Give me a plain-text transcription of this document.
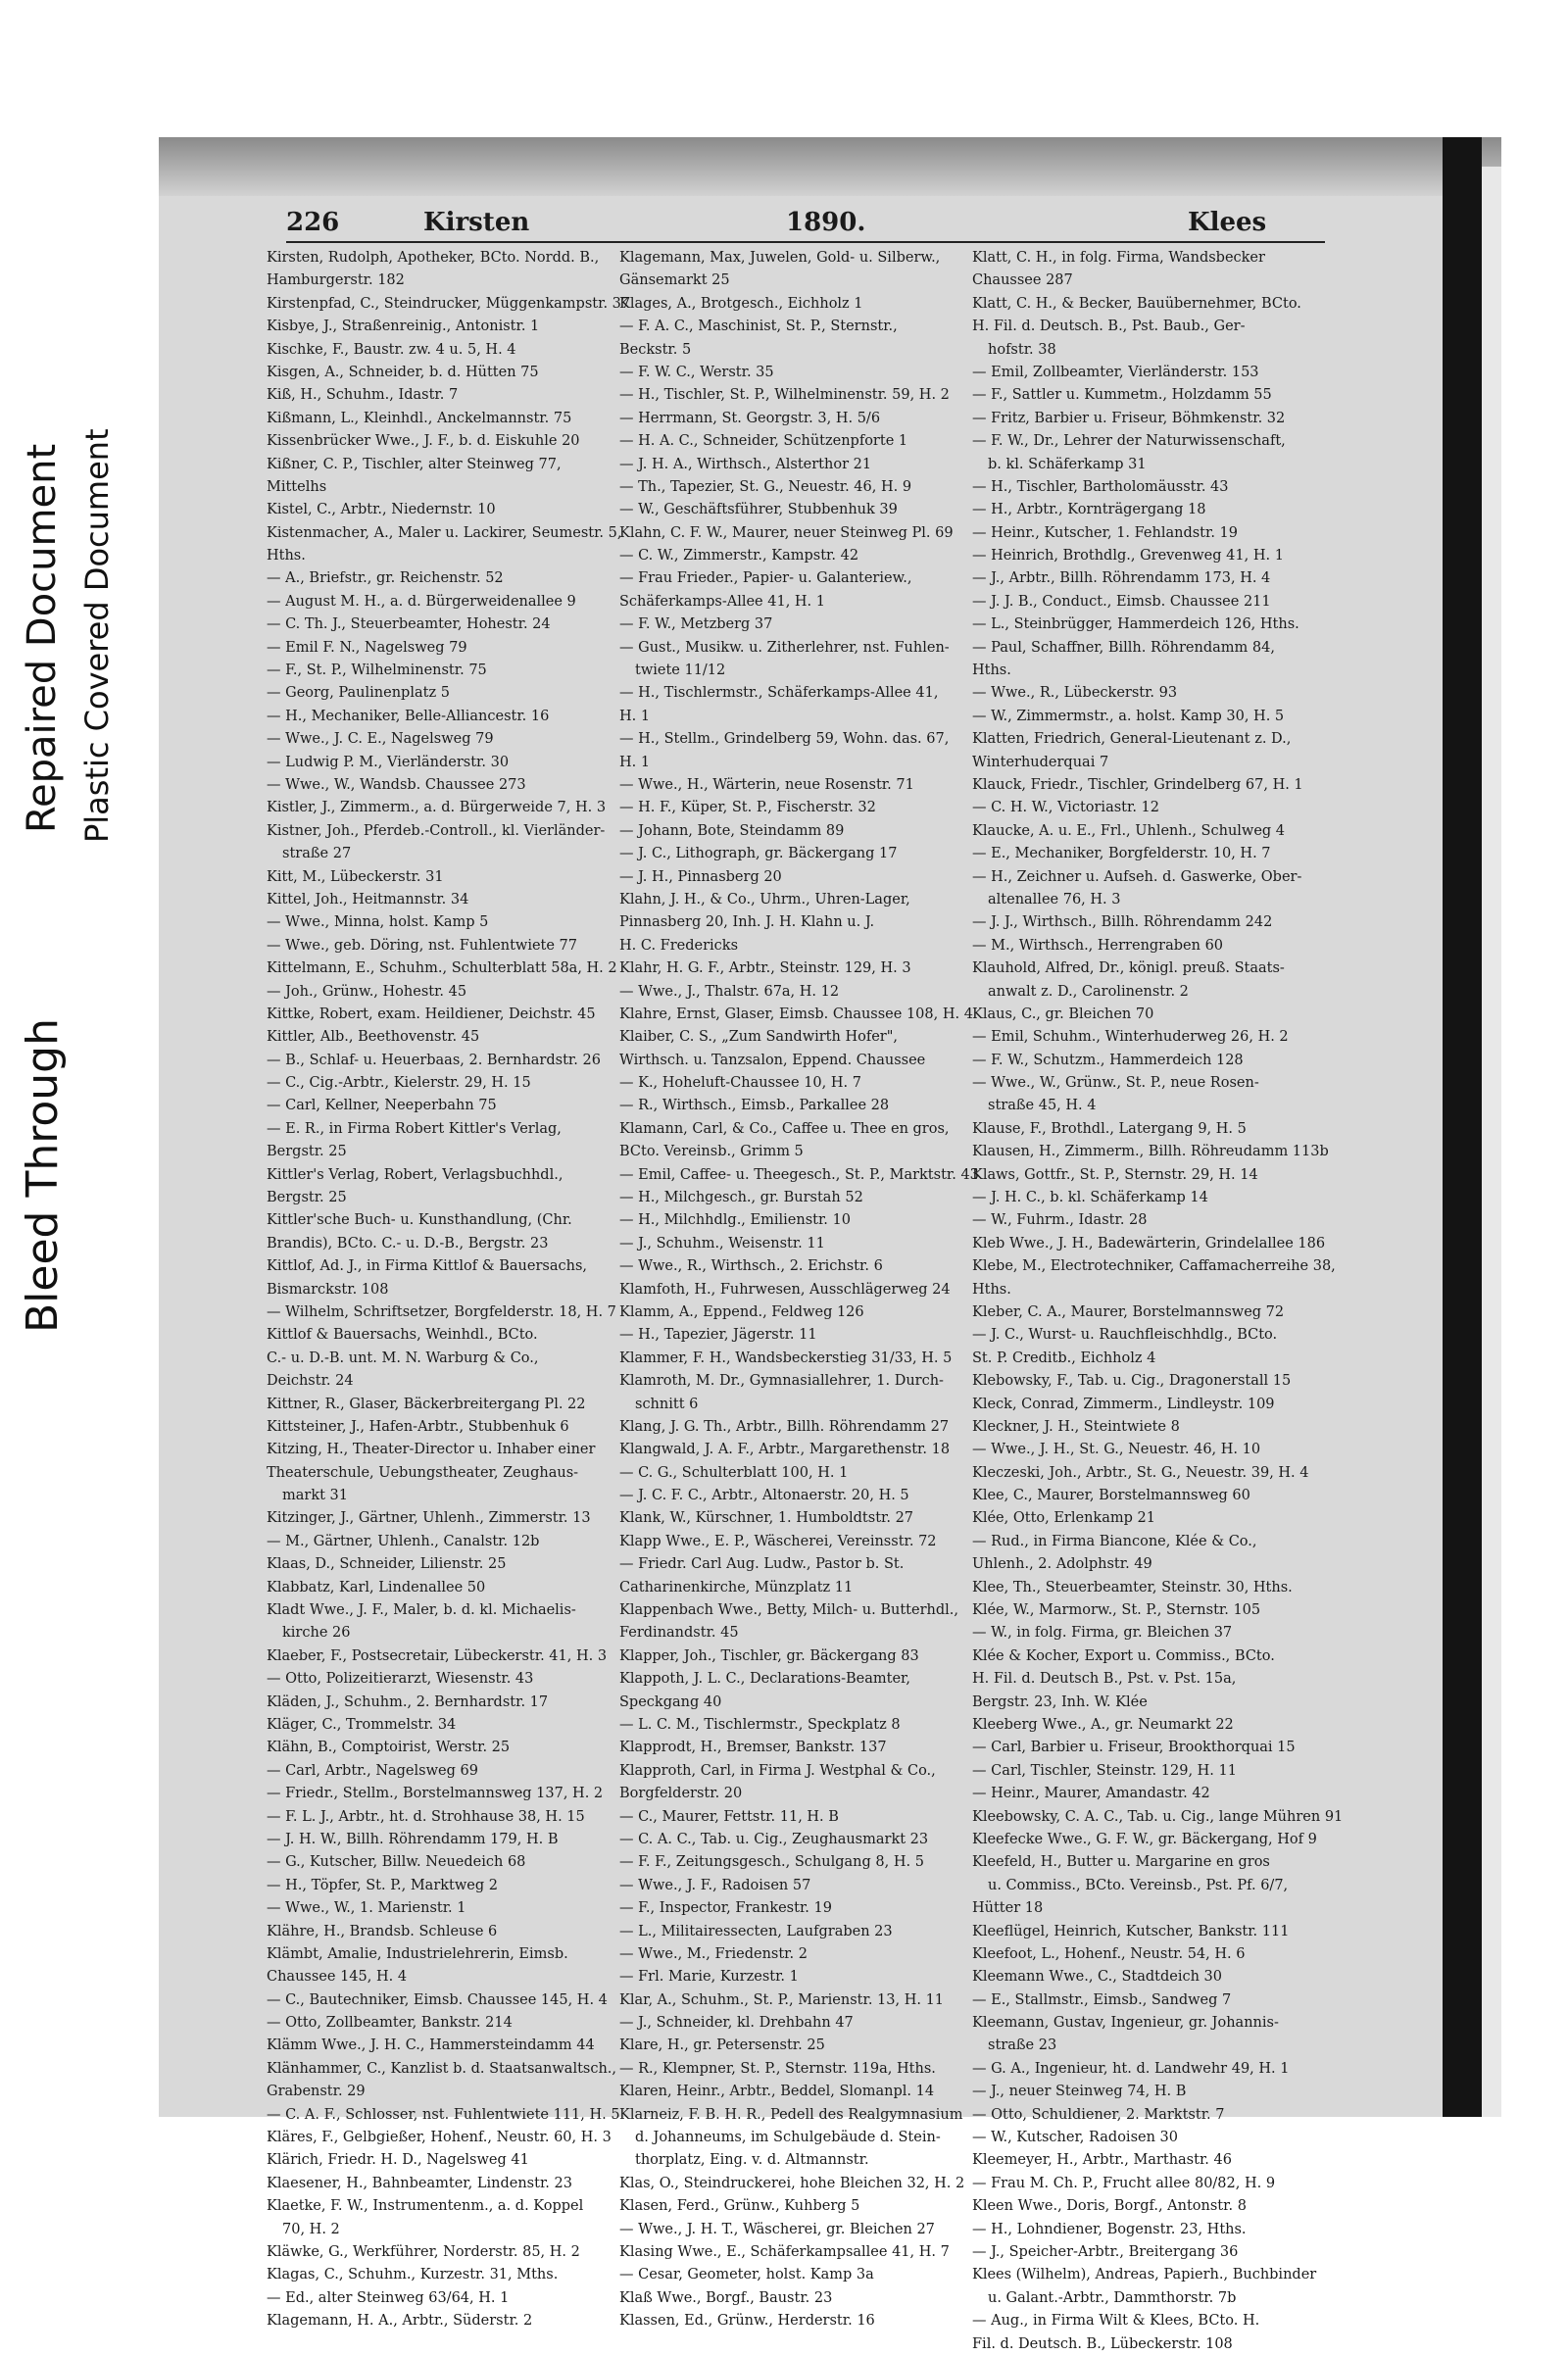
Bleed Through
Repaired Document Plastic Covered Document
226	Kirsten	1890.	Klees
Kirsten, Rudolph, Apotheker, BCto. Nordd. B.,
Hamburgerstr. 182
Kirstenpfad, C., Steindrucker, Müggenkampstr. 37
Kisbye, J., Straßenreinig., Antonistr. 1
Kischke, F., Baustr. zw. 4 u. 5, H. 4
Kisgen, A., Schneider, b. d. Hütten 75
Kiß, H., Schuhm., Idastr. 7
Kißmann, L., Kleinhdl., Anckelmannstr. 75
Kissenbrücker Wwe., J. F., b. d. Eiskuhle 20
Kißner, C. P., Tischler, alter Steinweg 77,
Mittelhs
Kistel, C., Arbtr., Niedernstr. 10
Kistenmacher, A., Maler u. Lackirer, Seumestr. 5,
Hths.
— A., Briefstr., gr. Reichenstr. 52
— August M. H., a. d. Bürgerweidenallee 9
— C. Th. J., Steuerbeamter, Hohestr. 24
— Emil F. N., Nagelsweg 79
— F., St. P., Wilhelminenstr. 75
— Georg, Paulinenplatz 5
— H., Mechaniker, Belle-Alliancestr. 16
— Wwe., J. C. E., Nagelsweg 79
— Ludwig P. M., Vierländerstr. 30
— Wwe., W., Wandsb. Chaussee 273
Kistler, J., Zimmerm., a. d. Bürgerweide 7, H. 3
Kistner, Joh., Pferdeb.-Controll., kl. Vierländer-
straße 27
Kitt, M., Lübeckerstr. 31
Kittel, Joh., Heitmannstr. 34
— Wwe., Minna, holst. Kamp 5
— Wwe., geb. Döring, nst. Fuhlentwiete 77
Kittelmann, E., Schuhm., Schulterblatt 58a, H. 2
— Joh., Grünw., Hohestr. 45
Kittke, Robert, exam. Heildiener, Deichstr. 45
Kittler, Alb., Beethovenstr. 45
— B., Schlaf- u. Heuerbaas, 2. Bernhardstr. 26
— C., Cig.-Arbtr., Kielerstr. 29, H. 15
— Carl, Kellner, Neeperbahn 75
— E. R., in Firma Robert Kittler's Verlag,
Bergstr. 25
Kittler's Verlag, Robert, Verlagsbuchhdl.,
Bergstr. 25
Kittler'sche Buch- u. Kunsthandlung, (Chr.
Brandis), BCto. C.- u. D.-B., Bergstr. 23
Kittlof, Ad. J., in Firma Kittlof & Bauersachs,
Bismarckstr. 108
— Wilhelm, Schriftsetzer, Borgfelderstr. 18, H. 7
Kittlof & Bauersachs, Weinhdl., BCto.
C.- u. D.-B. unt. M. N. Warburg & Co.,
Deichstr. 24
Kittner, R., Glaser, Bäckerbreitergang Pl. 22
Kittsteiner, J., Hafen-Arbtr., Stubbenhuk 6
Kitzing, H., Theater-Director u. Inhaber einer
Theaterschule, Uebungstheater, Zeughaus-
markt 31
Kitzinger, J., Gärtner, Uhlenh., Zimmerstr. 13
— M., Gärtner, Uhlenh., Canalstr. 12b
Klaas, D., Schneider, Lilienstr. 25
Klabbatz, Karl, Lindenallee 50
Kladt Wwe., J. F., Maler, b. d. kl. Michaelis-
kirche 26
Klaeber, F., Postsecretair, Lübeckerstr. 41, H. 3
— Otto, Polizeitierarzt, Wiesenstr. 43
Kläden, J., Schuhm., 2. Bernhardstr. 17
Kläger, C., Trommelstr. 34
Klähn, B., Comptoirist, Werstr. 25
— Carl, Arbtr., Nagelsweg 69
— Friedr., Stellm., Borstelmannsweg 137, H. 2
— F. L. J., Arbtr., ht. d. Strohhause 38, H. 15
— J. H. W., Billh. Röhrendamm 179, H. B
— G., Kutscher, Billw. Neuedeich 68
— H., Töpfer, St. P., Marktweg 2
— Wwe., W., 1. Marienstr. 1
Klähre, H., Brandsb. Schleuse 6
Klämbt, Amalie, Industrielehrerin, Eimsb.
Chaussee 145, H. 4
— C., Bautechniker, Eimsb. Chaussee 145, H. 4
— Otto, Zollbeamter, Bankstr. 214
Klämm Wwe., J. H. C., Hammersteindamm 44
Klänhammer, C., Kanzlist b. d. Staatsanwaltsch.,
Grabenstr. 29
— C. A. F., Schlosser, nst. Fuhlentwiete 111, H. 5
Kläres, F., Gelbgießer, Hohenf., Neustr. 60, H. 3
Klärich, Friedr. H. D., Nagelsweg 41
Klaesener, H., Bahnbeamter, Lindenstr. 23
Klaetke, F. W., Instrumentenm., a. d. Koppel
70, H. 2
Kläwke, G., Werkführer, Norderstr. 85, H. 2
Klagas, C., Schuhm., Kurzestr. 31, Mths.
— Ed., alter Steinweg 63/64, H. 1
Klagemann, H. A., Arbtr., Süderstr. 2
Klagemann, Max, Juwelen, Gold- u. Silberw.,
Gänsemarkt 25
Klages, A., Brotgesch., Eichholz 1
— F. A. C., Maschinist, St. P., Sternstr.,
Beckstr. 5
— F. W. C., Werstr. 35
— H., Tischler, St. P., Wilhelminenstr. 59, H. 2
— Herrmann, St. Georgstr. 3, H. 5/6
— H. A. C., Schneider, Schützenpforte 1
— J. H. A., Wirthsch., Alsterthor 21
— Th., Tapezier, St. G., Neuestr. 46, H. 9
— W., Geschäftsführer, Stubbenhuk 39
Klahn, C. F. W., Maurer, neuer Steinweg Pl. 69
— C. W., Zimmerstr., Kampstr. 42
— Frau Frieder., Papier- u. Galanteriew.,
Schäferkamps-Allee 41, H. 1
— F. W., Metzberg 37
— Gust., Musikw. u. Zitherlehrer, nst. Fuhlen-
twiete 11/12
— H., Tischlermstr., Schäferkamps-Allee 41,
H. 1
— H., Stellm., Grindelberg 59, Wohn. das. 67,
H. 1
— Wwe., H., Wärterin, neue Rosenstr. 71
— H. F., Küper, St. P., Fischerstr. 32
— Johann, Bote, Steindamm 89
— J. C., Lithograph, gr. Bäckergang 17
— J. H., Pinnasberg 20
Klahn, J. H., & Co., Uhrm., Uhren-Lager,
Pinnasberg 20, Inh. J. H. Klahn u. J.
H. C. Fredericks
Klahr, H. G. F., Arbtr., Steinstr. 129, H. 3
— Wwe., J., Thalstr. 67a, H. 12
Klahre, Ernst, Glaser, Eimsb. Chaussee 108, H. 4
Klaiber, C. S., „Zum Sandwirth Hofer",
Wirthsch. u. Tanzsalon, Eppend. Chaussee
— K., Hoheluft-Chaussee 10, H. 7
— R., Wirthsch., Eimsb., Parkallee 28
Klamann, Carl, & Co., Caffee u. Thee en gros,
BCto. Vereinsb., Grimm 5
— Emil, Caffee- u. Theegesch., St. P., Marktstr. 43
— H., Milchgesch., gr. Burstah 52
— H., Milchhdlg., Emilienstr. 10
— J., Schuhm., Weisenstr. 11
— Wwe., R., Wirthsch., 2. Erichstr. 6
Klamfoth, H., Fuhrwesen, Ausschlägerweg 24
Klamm, A., Eppend., Feldweg 126
— H., Tapezier, Jägerstr. 11
Klammer, F. H., Wandsbeckerstieg 31/33, H. 5
Klamroth, M. Dr., Gymnasiallehrer, 1. Durch-
schnitt 6
Klang, J. G. Th., Arbtr., Billh. Röhrendamm 27
Klangwald, J. A. F., Arbtr., Margarethenstr. 18
— C. G., Schulterblatt 100, H. 1
— J. C. F. C., Arbtr., Altonaerstr. 20, H. 5
Klank, W., Kürschner, 1. Humboldtstr. 27
Klapp Wwe., E. P., Wäscherei, Vereinsstr. 72
— Friedr. Carl Aug. Ludw., Pastor b. St.
Catharinenkirche, Münzplatz 11
Klappenbach Wwe., Betty, Milch- u. Butterhdl.,
Ferdinandstr. 45
Klapper, Joh., Tischler, gr. Bäckergang 83
Klappoth, J. L. C., Declarations-Beamter,
Speckgang 40
— L. C. M., Tischlermstr., Speckplatz 8
Klapprodt, H., Bremser, Bankstr. 137
Klapproth, Carl, in Firma J. Westphal & Co.,
Borgfelderstr. 20
— C., Maurer, Fettstr. 11, H. B
— C. A. C., Tab. u. Cig., Zeughausmarkt 23
— F. F., Zeitungsgesch., Schulgang 8, H. 5
— Wwe., J. F., Radoisen 57
— F., Inspector, Frankestr. 19
— L., Militairessecten, Laufgraben 23
— Wwe., M., Friedenstr. 2
— Frl. Marie, Kurzestr. 1
Klar, A., Schuhm., St. P., Marienstr. 13, H. 11
— J., Schneider, kl. Drehbahn 47
Klare, H., gr. Petersenstr. 25
— R., Klempner, St. P., Sternstr. 119a, Hths.
Klaren, Heinr., Arbtr., Beddel, Slomanpl. 14
Klarneiz, F. B. H. R., Pedell des Realgymnasium
d. Johanneums, im Schulgebäude d. Stein-
thorplatz, Eing. v. d. Altmannstr.
Klas, O., Steindruckerei, hohe Bleichen 32, H. 2
Klasen, Ferd., Grünw., Kuhberg 5
— Wwe., J. H. T., Wäscherei, gr. Bleichen 27
Klasing Wwe., E., Schäferkampsallee 41, H. 7
— Cesar, Geometer, holst. Kamp 3a
Klaß Wwe., Borgf., Baustr. 23
Klassen, Ed., Grünw., Herderstr. 16
Klatt, C. H., in folg. Firma, Wandsbecker
Chaussee 287
Klatt, C. H., & Becker, Bauübernehmer, BCto.
H. Fil. d. Deutsch. B., Pst. Baub., Ger-
hofstr. 38
— Emil, Zollbeamter, Vierländerstr. 153
— F., Sattler u. Kummetm., Holzdamm 55
— Fritz, Barbier u. Friseur, Böhmkenstr. 32
— F. W., Dr., Lehrer der Naturwissenschaft,
b. kl. Schäferkamp 31
— H., Tischler, Bartholomäusstr. 43
— H., Arbtr., Kornträgergang 18
— Heinr., Kutscher, 1. Fehlandstr. 19
— Heinrich, Brothdlg., Grevenweg 41, H. 1
— J., Arbtr., Billh. Röhrendamm 173, H. 4
— J. J. B., Conduct., Eimsb. Chaussee 211
— L., Steinbrügger, Hammerdeich 126, Hths.
— Paul, Schaffner, Billh. Röhrendamm 84,
Hths.
— Wwe., R., Lübeckerstr. 93
— W., Zimmermstr., a. holst. Kamp 30, H. 5
Klatten, Friedrich, General-Lieutenant z. D.,
Winterhuderquai 7
Klauck, Friedr., Tischler, Grindelberg 67, H. 1
— C. H. W., Victoriastr. 12
Klaucke, A. u. E., Frl., Uhlenh., Schulweg 4
— E., Mechaniker, Borgfelderstr. 10, H. 7
— H., Zeichner u. Aufseh. d. Gaswerke, Ober-
altenallee 76, H. 3
— J. J., Wirthsch., Billh. Röhrendamm 242
— M., Wirthsch., Herrengraben 60
Klauhold, Alfred, Dr., königl. preuß. Staats-
anwalt z. D., Carolinenstr. 2
Klaus, C., gr. Bleichen 70
— Emil, Schuhm., Winterhuderweg 26, H. 2
— F. W., Schutzm., Hammerdeich 128
— Wwe., W., Grünw., St. P., neue Rosen-
straße 45, H. 4
Klause, F., Brothdl., Latergang 9, H. 5
Klausen, H., Zimmerm., Billh. Röhreudamm 113b
Klaws, Gottfr., St. P., Sternstr. 29, H. 14
— J. H. C., b. kl. Schäferkamp 14
— W., Fuhrm., Idastr. 28
Kleb Wwe., J. H., Badewärterin, Grindelallee 186
Klebe, M., Electrotechniker, Caffamacherreihe 38,
Hths.
Kleber, C. A., Maurer, Borstelmannsweg 72
— J. C., Wurst- u. Rauchfleischhdlg., BCto.
St. P. Creditb., Eichholz 4
Klebowsky, F., Tab. u. Cig., Dragonerstall 15
Kleck, Conrad, Zimmerm., Lindleystr. 109
Kleckner, J. H., Steintwiete 8
— Wwe., J. H., St. G., Neuestr. 46, H. 10
Kleczeski, Joh., Arbtr., St. G., Neuestr. 39, H. 4
Klee, C., Maurer, Borstelmannsweg 60
Klée, Otto, Erlenkamp 21
— Rud., in Firma Biancone, Klée & Co.,
Uhlenh., 2. Adolphstr. 49
Klee, Th., Steuerbeamter, Steinstr. 30, Hths.
Klée, W., Marmorw., St. P., Sternstr. 105
— W., in folg. Firma, gr. Bleichen 37
Klée & Kocher, Export u. Commiss., BCto.
H. Fil. d. Deutsch B., Pst. v. Pst. 15a,
Bergstr. 23, Inh. W. Klée
Kleeberg Wwe., A., gr. Neumarkt 22
— Carl, Barbier u. Friseur, Brookthorquai 15
— Carl, Tischler, Steinstr. 129, H. 11
— Heinr., Maurer, Amandastr. 42
Kleebowsky, C. A. C., Tab. u. Cig., lange Mühren 91
Kleefecke Wwe., G. F. W., gr. Bäckergang, Hof 9
Kleefeld, H., Butter u. Margarine en gros
u. Commiss., BCto. Vereinsb., Pst. Pf. 6/7,
Hütter 18
Kleeflügel, Heinrich, Kutscher, Bankstr. 111
Kleefoot, L., Hohenf., Neustr. 54, H. 6
Kleemann Wwe., C., Stadtdeich 30
— E., Stallmstr., Eimsb., Sandweg 7
Kleemann, Gustav, Ingenieur, gr. Johannis-
straße 23
— G. A., Ingenieur, ht. d. Landwehr 49, H. 1
— J., neuer Steinweg 74, H. B
— Otto, Schuldiener, 2. Marktstr. 7
— W., Kutscher, Radoisen 30
Kleemeyer, H., Arbtr., Marthastr. 46
— Frau M. Ch. P., Frucht allee 80/82, H. 9
Kleen Wwe., Doris, Borgf., Antonstr. 8
— H., Lohndiener, Bogenstr. 23, Hths.
— J., Speicher-Arbtr., Breitergang 36
Klees (Wilhelm), Andreas, Papierh., Buchbinder
u. Galant.-Arbtr., Dammthorstr. 7b
— Aug., in Firma Wilt & Klees, BCto. H.
Fil. d. Deutsch. B., Lübeckerstr. 108
